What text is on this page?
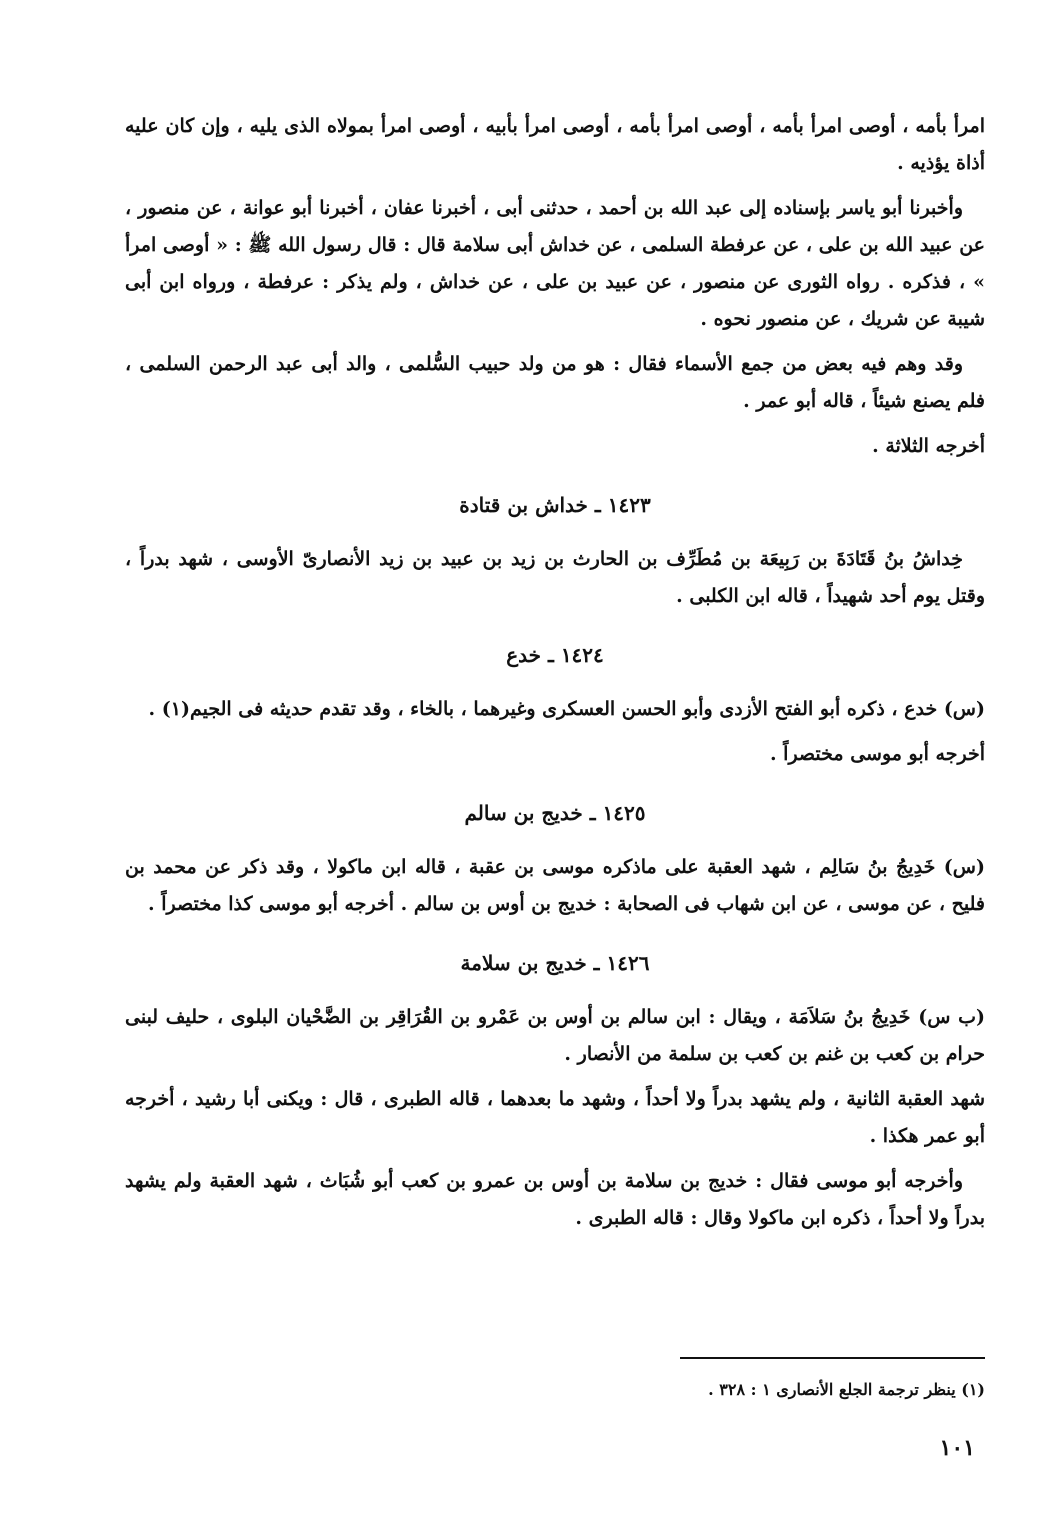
امرأ بأمه ، أوصى امرأ بأمه ، أوصى امرأ بأمه ، أوصى امرأ بأبيه ، أوصى امرأ بمولاه الذى يليه ، وإن كان عليه أذاة يؤذيه .

وأخبرنا أبو ياسر بإسناده إلى عبد الله بن أحمد ، حدثنى أبى ، أخبرنا عفان ، أخبرنا أبو عوانة ، عن منصور ، عن عبيد الله بن على ، عن عرفطة السلمى ، عن خداش أبى سلامة قال : قال رسول الله ﷺ : « أوصى امرأ » ، فذكره . رواه الثورى عن منصور ، عن عبيد بن على ، عن خداش ، ولم يذكر : عرفطة ، ورواه ابن أبى شيبة عن شريك ، عن منصور نحوه .

وقد وهم فيه بعض من جمع الأسماء فقال : هو من ولد حبيب السُّلمى ، والد أبى عبد الرحمن السلمى ، فلم يصنع شيئاً ، قاله أبو عمر .

أخرجه الثلاثة .

١٤٢٣ ـ خداش بن قتادة

خِداشُ بنُ قَتَادَةَ بن رَبِيعَة بن مُطَرِّف بن الحارث بن زيد بن عبيد بن زيد الأنصارىّ الأوسى ، شهد بدراً ، وقتل يوم أحد شهيداً ، قاله ابن الكلبى .

١٤٢٤ ـ خدع

(س) خدع ، ذكره أبو الفتح الأزدى وأبو الحسن العسكرى وغيرهما ، بالخاء ، وقد تقدم حديثه فى الجيم(١) .

أخرجه أبو موسى مختصراً .

١٤٢٥ ـ خديج بن سالم

(س) خَدِيجُ بنُ سَالِم ، شهد العقبة على ماذكره موسى بن عقبة ، قاله ابن ماكولا ، وقد ذكر عن محمد بن فليح ، عن موسى ، عن ابن شهاب فى الصحابة : خديج بن أوس بن سالم . أخرجه أبو موسى كذا مختصراً .

١٤٢٦ ـ خديج بن سلامة

(ب س) خَدِيجُ بنُ سَلاَمَة ، ويقال : ابن سالم بن أوس بن عَمْرو بن القُرَاقِر بن الضَّحْيان البلوى ، حليف لبنى حرام بن كعب بن غنم بن كعب بن سلمة من الأنصار .

شهد العقبة الثانية ، ولم يشهد بدراً ولا أحداً ، وشهد ما بعدهما ، قاله الطبرى ، قال : ويكنى أبا رشيد ، أخرجه أبو عمر هكذا .

وأخرجه أبو موسى فقال : خديج بن سلامة بن أوس بن عمرو بن كعب أبو شُبَاث ، شهد العقبة ولم يشهد بدراً ولا أحداً ، ذكره ابن ماكولا وقال : قاله الطبرى .

(١) ينظر ترجمة الجلع الأنصارى ١ : ٣٢٨ .
١٠١
